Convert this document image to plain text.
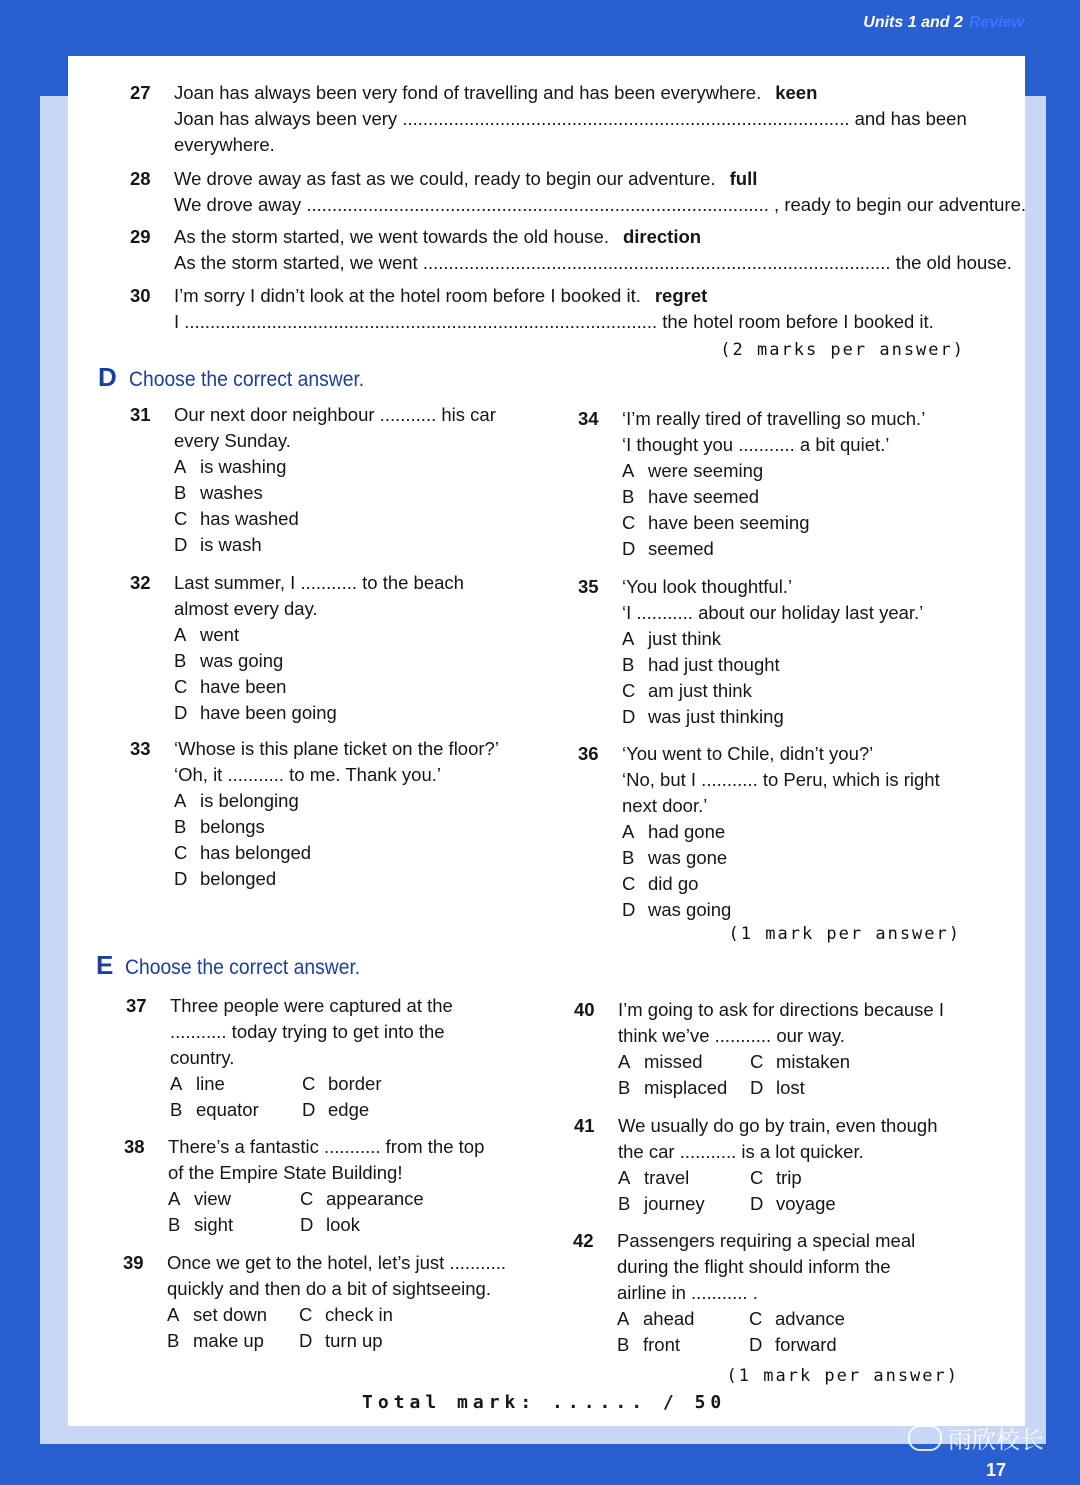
Units 1 and 2 Review
27	Joan has always been very fond of travelling and has been everywhere. keen
Joan has always been very ....................................................................................... and has been
everywhere.
28	We drove away as fast as we could, ready to begin our adventure. full
We drove away .......................................................................................... , ready to begin our adventure.
29	As the storm started, we went towards the old house. direction
As the storm started, we went ........................................................................................... the old house.
30	I’m sorry I didn’t look at the hotel room before I booked it. regret
I ............................................................................................ the hotel room before I booked it.
(2 marks per answer)
D Choose the correct answer.
31	Our next door neighbour ........... his car
every Sunday.
A is washing
B washes
C has washed
D is wash
32	Last summer, I ........... to the beach
almost every day.
A went
B was going
C have been
D have been going
33	‘Whose is this plane ticket on the floor?’
‘Oh, it ........... to me. Thank you.’
A is belonging
B belongs
C has belonged
D belonged
34	‘I’m really tired of travelling so much.’
‘I thought you ........... a bit quiet.’
A were seeming
B have seemed
C have been seeming
D seemed
35	‘You look thoughtful.’
‘I ........... about our holiday last year.’
A just think
B had just thought
C am just think
D was just thinking
36	‘You went to Chile, didn’t you?’
‘No, but I ........... to Peru, which is right
next door.’
A had gone
B was gone
C did go
D was going
(1 mark per answer)
E Choose the correct answer.
37	Three people were captured at the
........... today trying to get into the
country.
A line	C border
B equator D edge
38	There’s a fantastic ........... from the top
of the Empire State Building!
A view	C appearance
B sight	D look
39	Once we get to the hotel, let’s just ...........
quickly and then do a bit of sightseeing.
A set down C check in
B make up D turn up
40	I’m going to ask for directions because I
think we’ve ........... our way.
A missed	C mistaken
B misplaced D lost
41	We usually do go by train, even though
the car ........... is a lot quicker.
A travel	C trip
B journey D voyage
42	Passengers requiring a special meal
during the flight should inform the
airline in ........... .
A ahead	C advance
B front	D forward
(1 mark per answer)
Total mark: ...... / 50
雨欣校长
17
